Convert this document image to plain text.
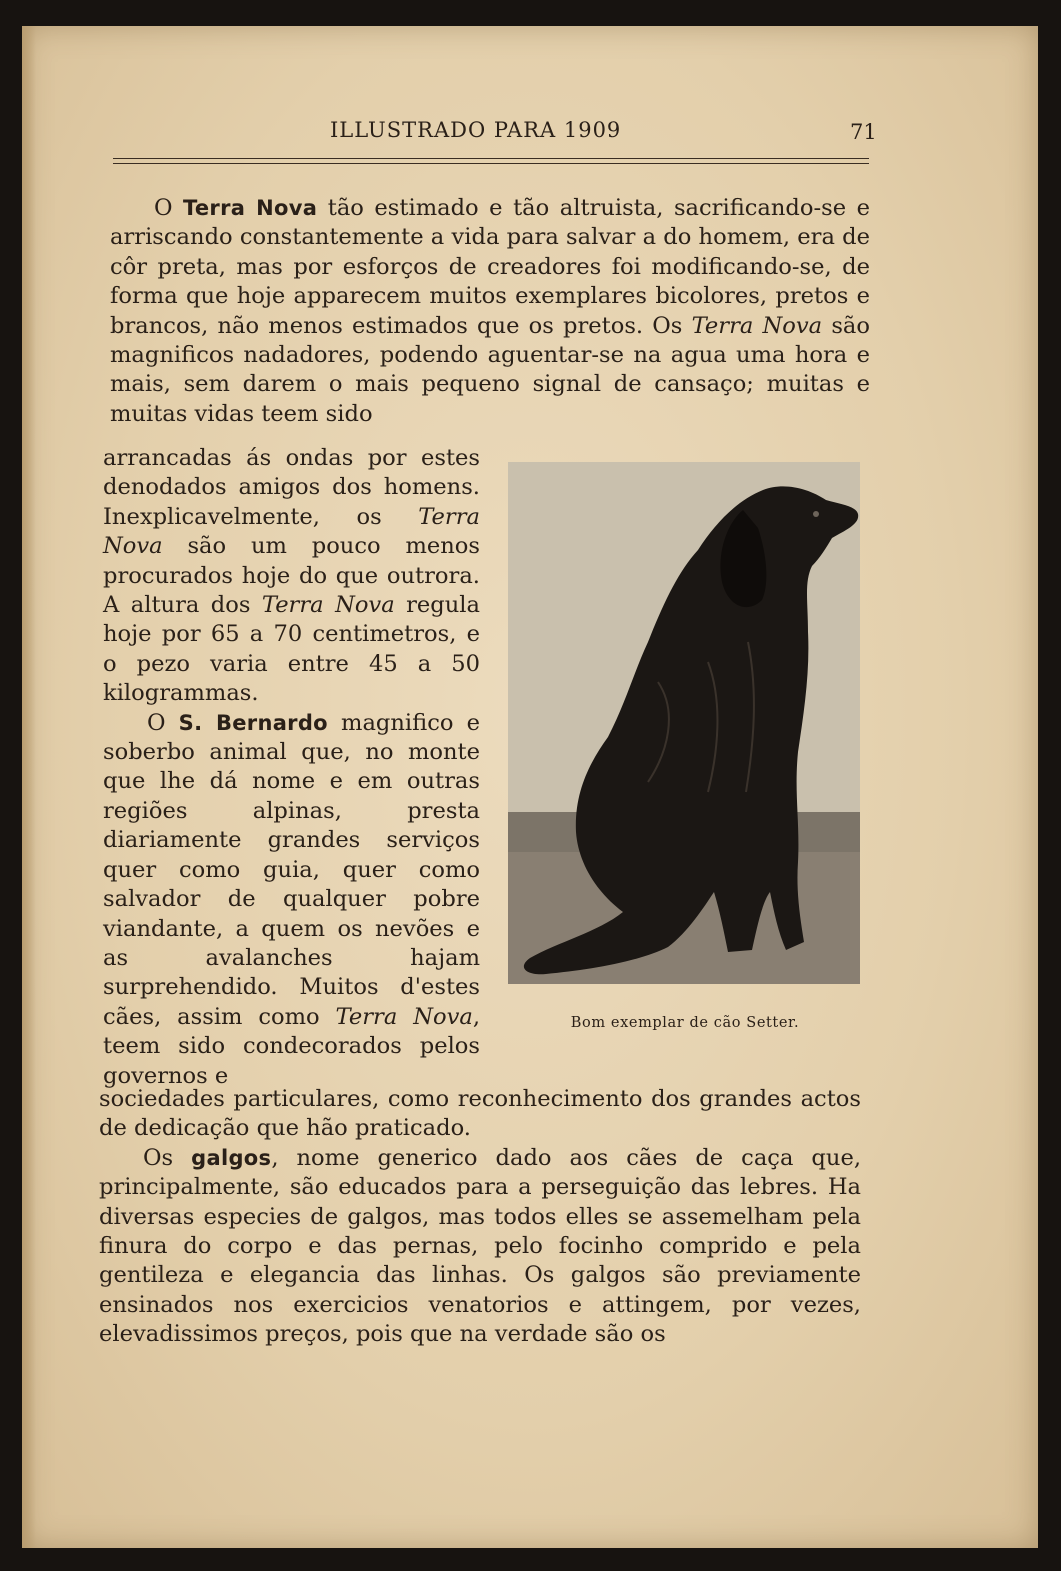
ILLUSTRADO PARA 1909	71

O Terra Nova tão estimado e tão altruista, sacrificando-se e arriscando constantemente a vida para salvar a do homem, era de côr preta, mas por esforços de creadores foi modificando-se, de forma que hoje apparecem muitos exemplares bicolores, pretos e brancos, não menos estimados que os pretos. Os Terra Nova são magnificos nadadores, podendo aguentar-se na agua uma hora e mais, sem darem o mais pequeno signal de cansaço; muitas e muitas vidas teem sido

arrancadas ás ondas por estes denodados amigos dos homens. Inexplicavelmente, os Terra Nova são um pouco menos procurados hoje do que outrora. A altura dos Terra Nova regula hoje por 65 a 70 centimetros, e o pezo varia entre 45 a 50 kilogrammas.

O S. Bernardo magnifico e soberbo animal que, no monte que lhe dá nome e em outras regiões alpinas, presta diariamente grandes serviços quer como guia, quer como salvador de qualquer pobre viandante, a quem os nevões e as avalanches hajam surprehendido. Muitos d'estes cães, assim como Terra Nova, teem sido condecorados pelos governos e

sociedades particulares, como reconhecimento dos grandes actos de dedicação que hão praticado.

Os galgos, nome generico dado aos cães de caça que, principalmente, são educados para a perseguição das lebres. Ha diversas especies de galgos, mas todos elles se assemelham pela finura do corpo e das pernas, pelo focinho comprido e pela gentileza e elegancia das linhas. Os galgos são previamente ensinados nos exercicios venatorios e attingem, por vezes, elevadissimos preços, pois que na verdade são os

Bom exemplar de cão Setter.
